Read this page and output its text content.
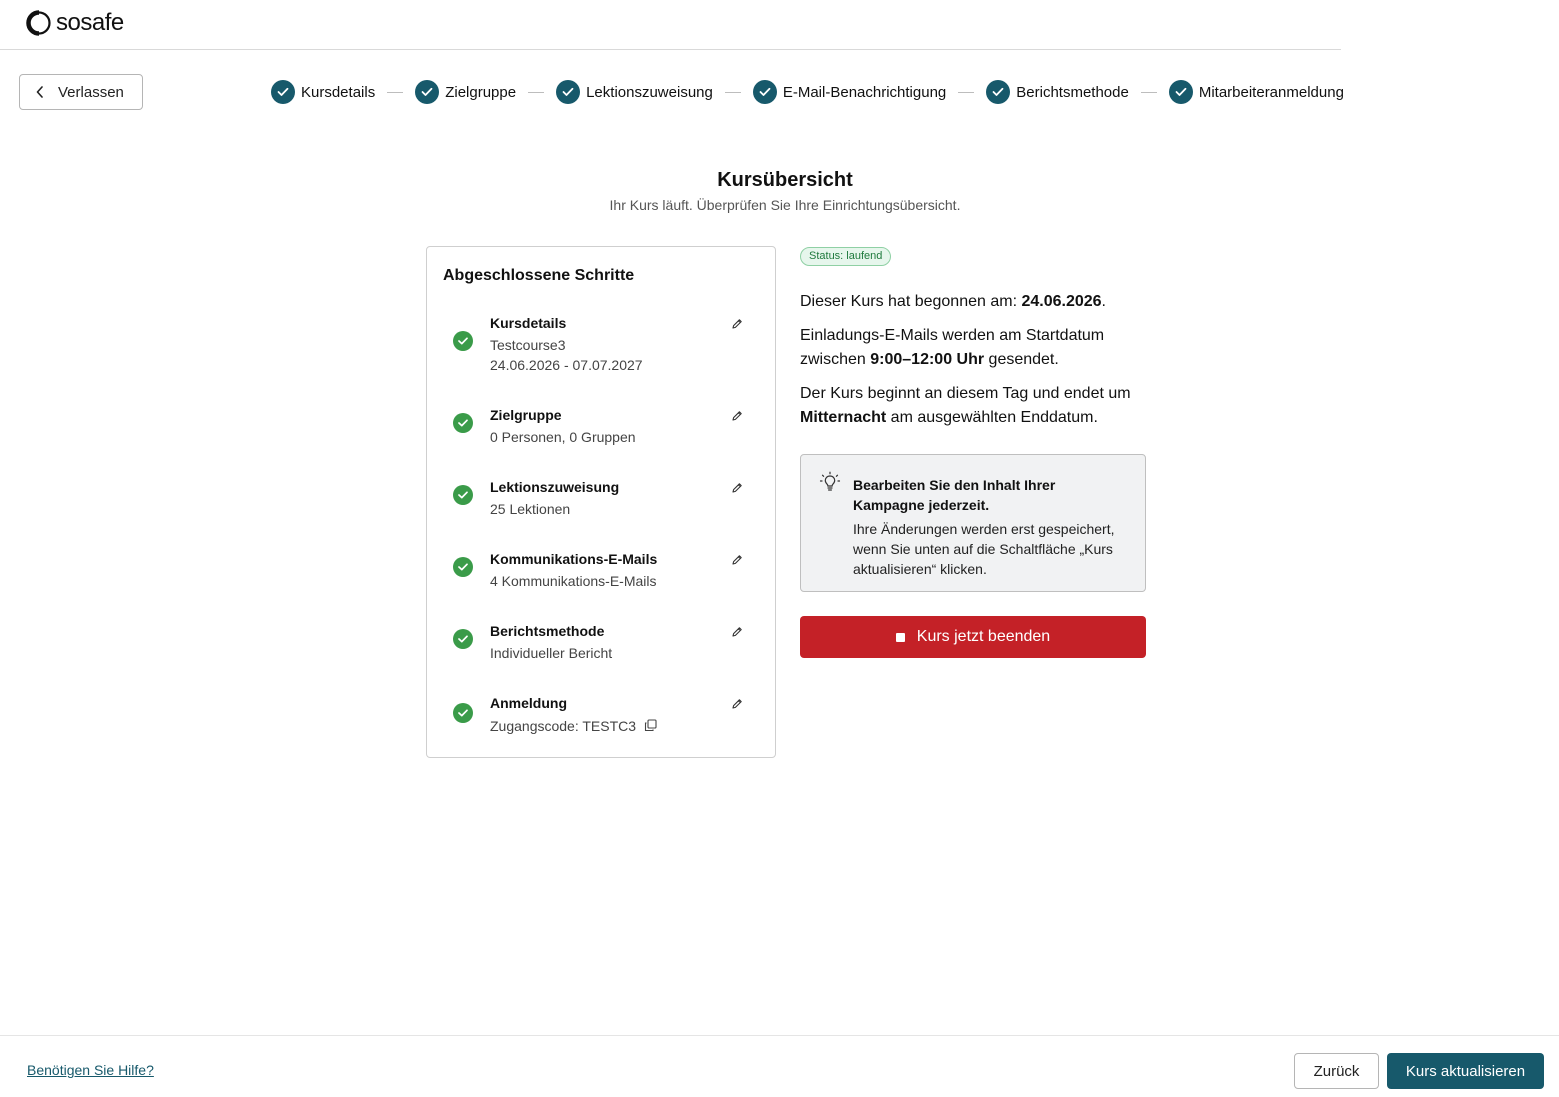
sosafe
Verlassen	Kursdetails	Zielgruppe	Lektionszuweisung	E-Mail-Benachrichtigung	Berichtsmethode	Mitarbeiteranmeldung
Kursübersicht
Ihr Kurs läuft. Überprüfen Sie Ihre Einrichtungsübersicht.
Abgeschlossene Schritte
Kursdetails
Testcourse3
24.06.2026 - 07.07.2027
Zielgruppe
0 Personen, 0 Gruppen
Lektionszuweisung
25 Lektionen
Kommunikations-E-Mails
4 Kommunikations-E-Mails
Berichtsmethode
Individueller Bericht
Anmeldung
Zugangscode: TESTC3
Status: laufend
Dieser Kurs hat begonnen am: 24.06.2026.
Einladungs-E-Mails werden am Startdatum zwischen 9:00–12:00 Uhr gesendet.
Der Kurs beginnt an diesem Tag und endet um Mitternacht am ausgewählten Enddatum.
Bearbeiten Sie den Inhalt Ihrer Kampagne jederzeit.
Ihre Änderungen werden erst gespeichert, wenn Sie unten auf die Schaltfläche „Kurs aktualisieren“ klicken.
Kurs jetzt beenden
Benötigen Sie Hilfe?	Zurück	Kurs aktualisieren
